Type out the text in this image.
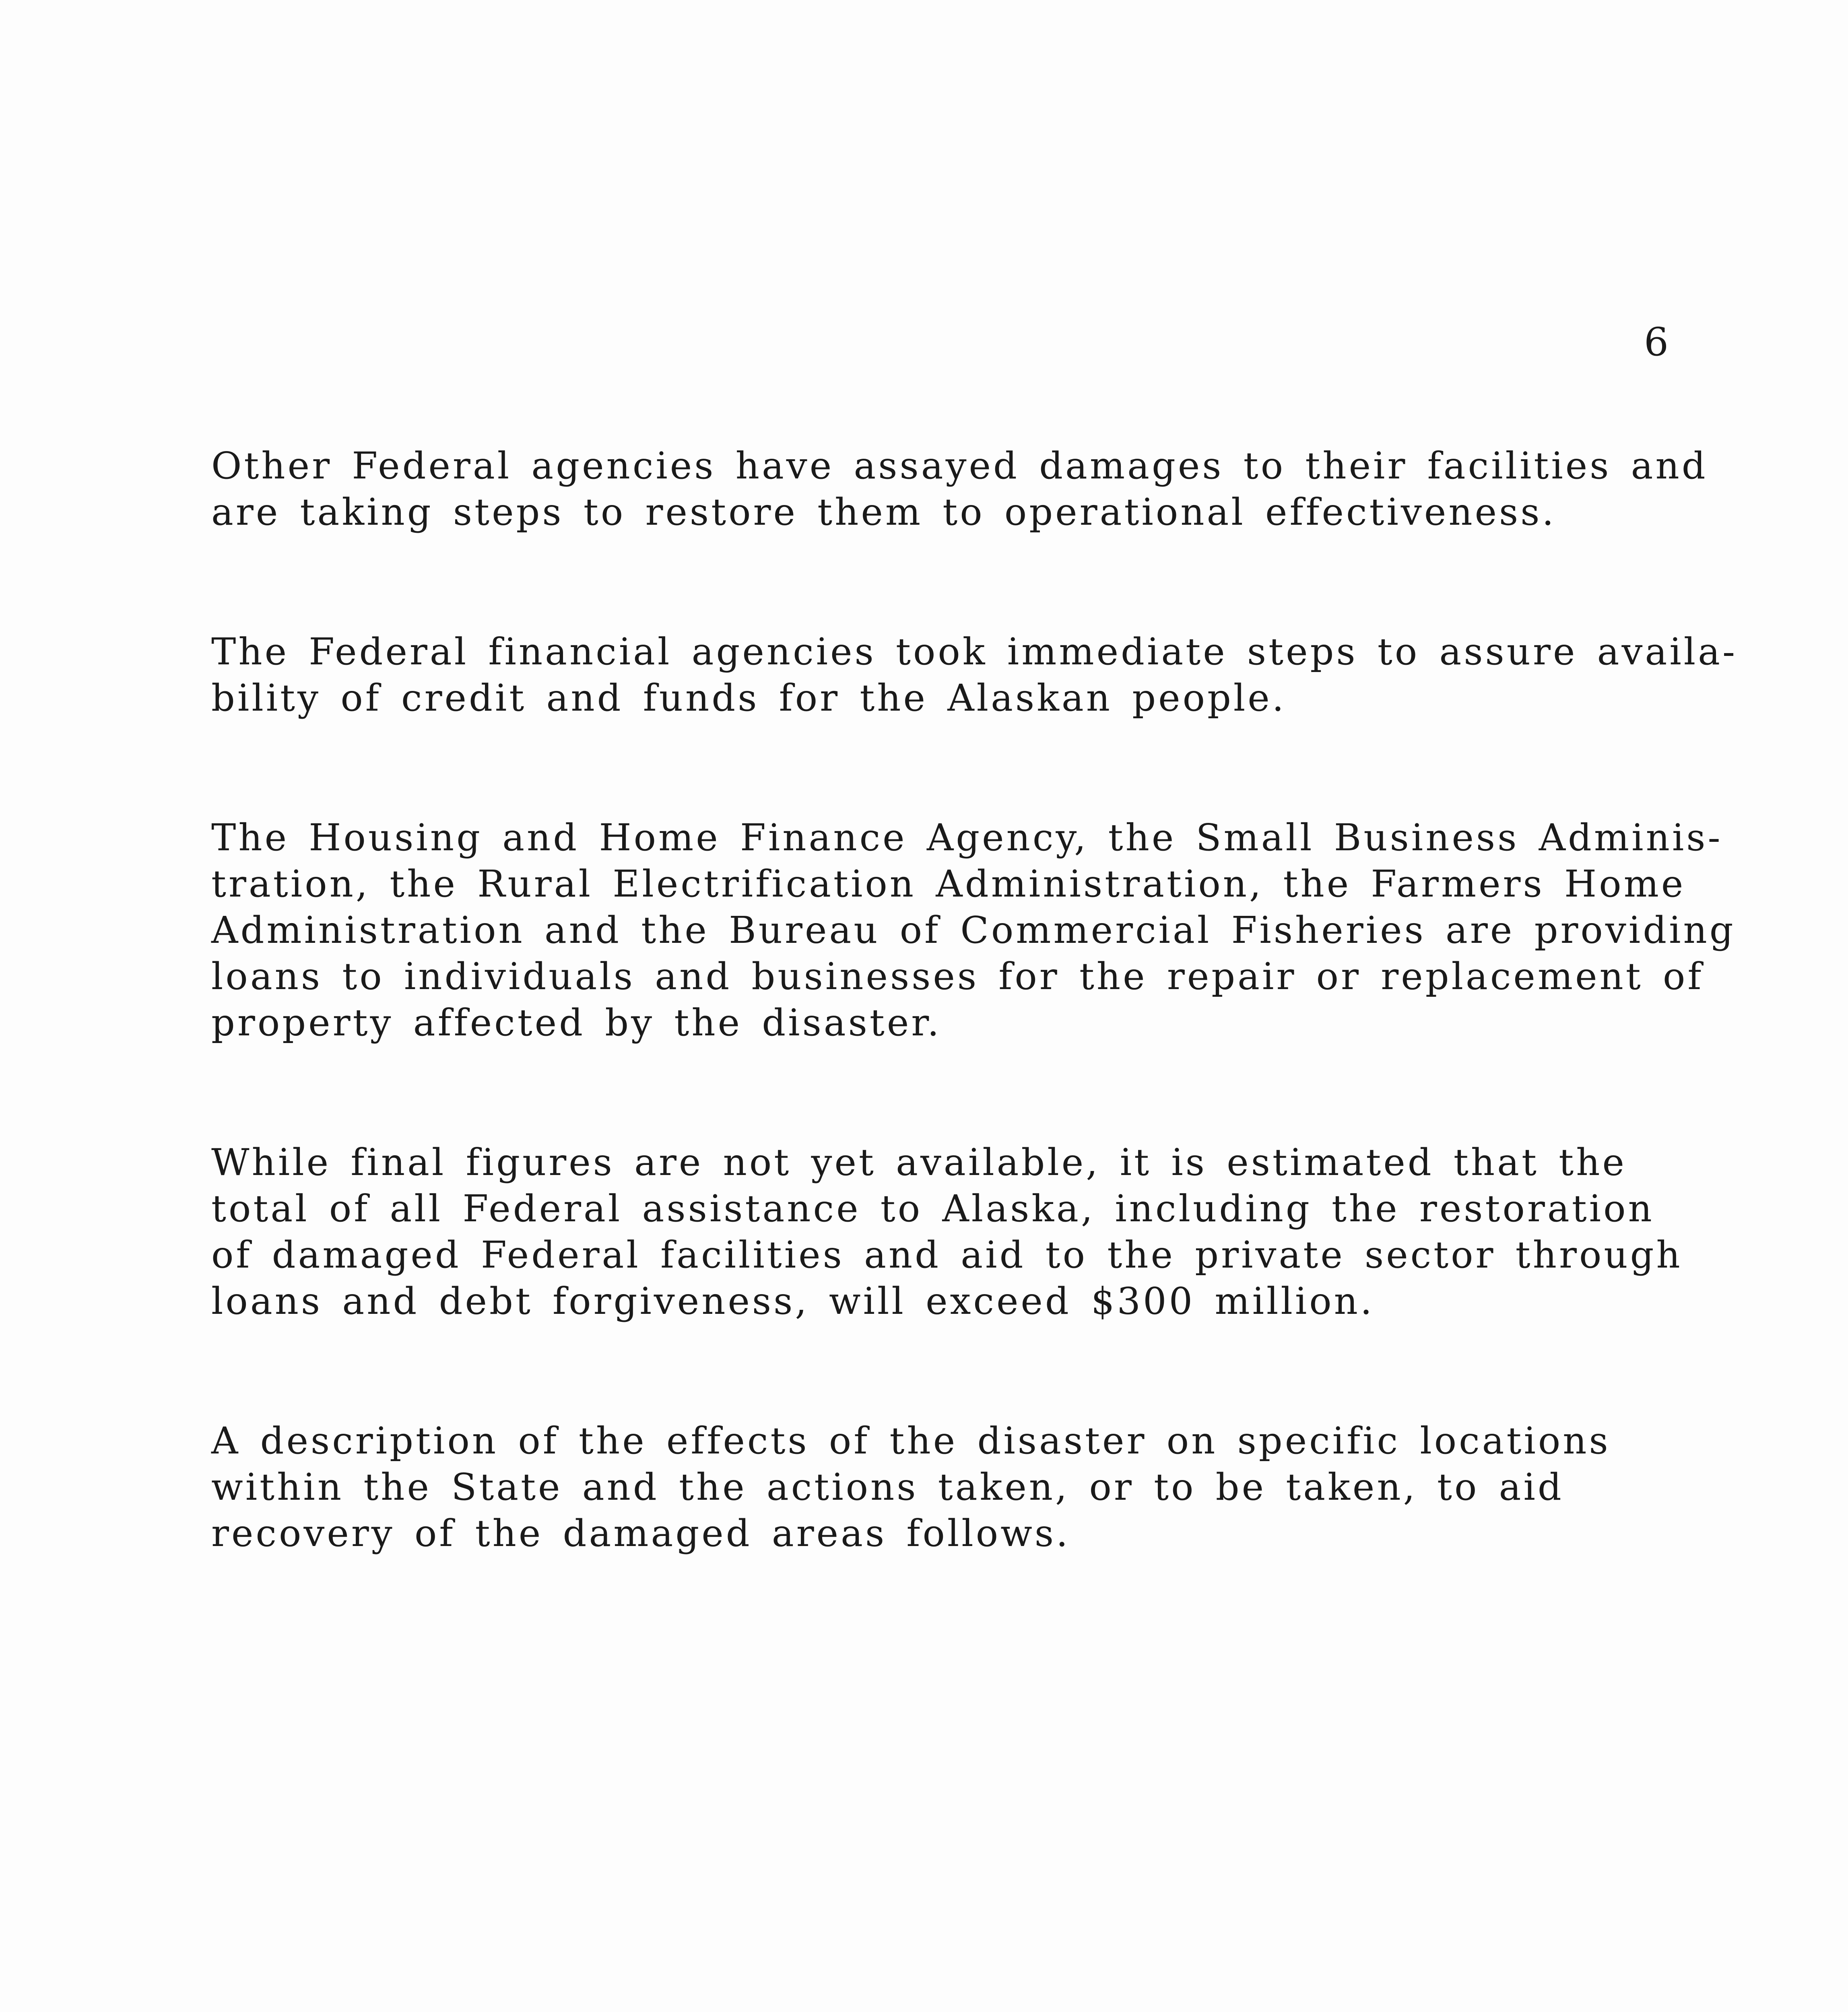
6

Other Federal agencies have assayed damages to their facilities and
are taking steps to restore them to operational effectiveness.

The Federal financial agencies took immediate steps to assure availa-
bility of credit and funds for the Alaskan people.

The Housing and Home Finance Agency, the Small Business Adminis-
tration, the Rural Electrification Administration, the Farmers Home
Administration and the Bureau of Commercial Fisheries are providing
loans to individuals and businesses for the repair or replacement of
property affected by the disaster.

While final figures are not yet available, it is estimated that the
total of all Federal assistance to Alaska, including the restoration
of damaged Federal facilities and aid to the private sector through
loans and debt forgiveness, will exceed $300 million.

A description of the effects of the disaster on specific locations
within the State and the actions taken, or to be taken, to aid
recovery of the damaged areas follows.
